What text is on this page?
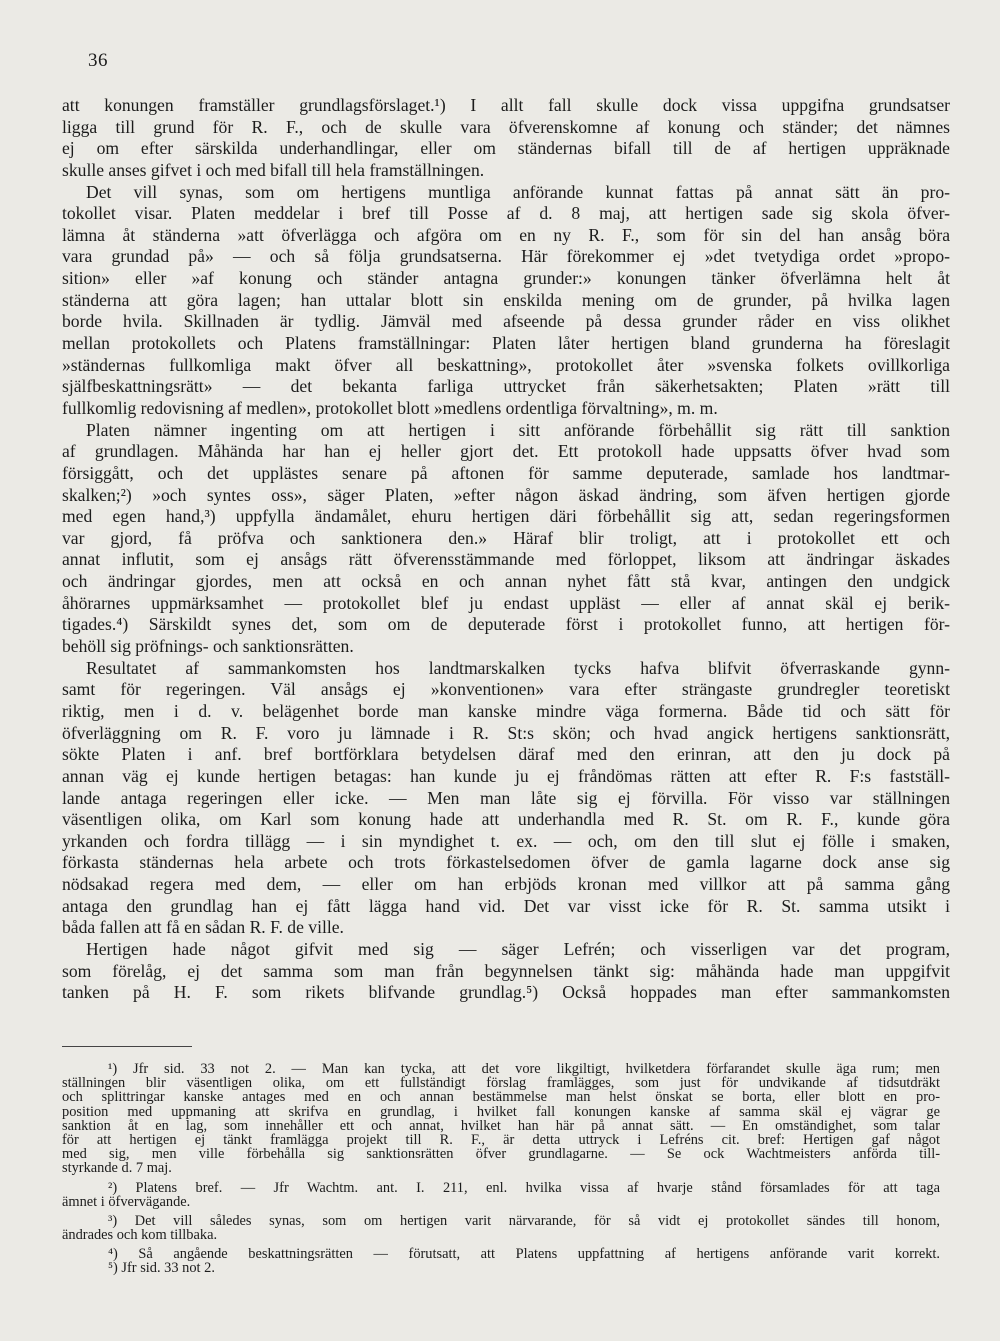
36
att konungen framställer grundlagsförslaget.¹) I allt fall skulle dock vissa uppgifna grundsatser
ligga till grund för R. F., och de skulle vara öfverenskomne af konung och ständer; det nämnes
ej om efter särskilda underhandlingar, eller om ständernas bifall till de af hertigen uppräknade
skulle anses gifvet i och med bifall till hela framställningen.
Det vill synas, som om hertigens muntliga anförande kunnat fattas på annat sätt än pro-
tokollet visar. Platen meddelar i bref till Posse af d. 8 maj, att hertigen sade sig skola öfver-
lämna åt ständerna »att öfverlägga och afgöra om en ny R. F., som för sin del han ansåg böra
vara grundad på» — och så följa grundsatserna. Här förekommer ej »det tvetydiga ordet »propo-
sition» eller »af konung och ständer antagna grunder:» konungen tänker öfverlämna helt åt
ständerna att göra lagen; han uttalar blott sin enskilda mening om de grunder, på hvilka lagen
borde hvila. Skillnaden är tydlig. Jämväl med afseende på dessa grunder råder en viss olikhet
mellan protokollets och Platens framställningar: Platen låter hertigen bland grunderna ha föreslagit
»ständernas fullkomliga makt öfver all beskattning», protokollet åter »svenska folkets ovillkorliga
själfbeskattningsrätt» — det bekanta farliga uttrycket från säkerhetsakten; Platen »rätt till
fullkomlig redovisning af medlen», protokollet blott »medlens ordentliga förvaltning», m. m.
Platen nämner ingenting om att hertigen i sitt anförande förbehållit sig rätt till sanktion
af grundlagen. Måhända har han ej heller gjort det. Ett protokoll hade uppsatts öfver hvad som
försiggått, och det upplästes senare på aftonen för samme deputerade, samlade hos landtmar-
skalken;²) »och syntes oss», säger Platen, »efter någon äskad ändring, som äfven hertigen gjorde
med egen hand,³) uppfylla ändamålet, ehuru hertigen däri förbehållit sig att, sedan regeringsformen
var gjord, få pröfva och sanktionera den.» Häraf blir troligt, att i protokollet ett och
annat influtit, som ej ansågs rätt öfverensstämmande med förloppet, liksom att ändringar äskades
och ändringar gjordes, men att också en och annan nyhet fått stå kvar, antingen den undgick
åhörarnes uppmärksamhet — protokollet blef ju endast uppläst — eller af annat skäl ej berik-
tigades.⁴) Särskildt synes det, som om de deputerade först i protokollet funno, att hertigen för-
behöll sig pröfnings- och sanktionsrätten.
Resultatet af sammankomsten hos landtmarskalken tycks hafva blifvit öfverraskande gynn-
samt för regeringen. Väl ansågs ej »konventionen» vara efter strängaste grundregler teoretiskt
riktig, men i d. v. belägenhet borde man kanske mindre väga formerna. Både tid och sätt för
öfverläggning om R. F. voro ju lämnade i R. St:s skön; och hvad angick hertigens sanktionsrätt,
sökte Platen i anf. bref bortförklara betydelsen däraf med den erinran, att den ju dock på
annan väg ej kunde hertigen betagas: han kunde ju ej fråndömas rätten att efter R. F:s fastställ-
lande antaga regeringen eller icke. — Men man låte sig ej förvilla. För visso var ställningen
väsentligen olika, om Karl som konung hade att underhandla med R. St. om R. F., kunde göra
yrkanden och fordra tillägg — i sin myndighet t. ex. — och, om den till slut ej fölle i smaken,
förkasta ständernas hela arbete och trots förkastelsedomen öfver de gamla lagarne dock anse sig
nödsakad regera med dem, — eller om han erbjöds kronan med villkor att på samma gång
antaga den grundlag han ej fått lägga hand vid. Det var visst icke för R. St. samma utsikt i
båda fallen att få en sådan R. F. de ville.
Hertigen hade något gifvit med sig — säger Lefrén; och visserligen var det program,
som förelåg, ej det samma som man från begynnelsen tänkt sig: måhända hade man uppgifvit
tanken på H. F. som rikets blifvande grundlag.⁵) Också hoppades man efter sammankomsten
¹) Jfr sid. 33 not 2. — Man kan tycka, att det vore likgiltigt, hvilketdera förfarandet skulle äga rum; men
ställningen blir väsentligen olika, om ett fullständigt förslag framlägges, som just för undvikande af tidsutdräkt
och splittringar kanske antages med en och annan bestämmelse man helst önskat se borta, eller blott en pro-
position med uppmaning att skrifva en grundlag, i hvilket fall konungen kanske af samma skäl ej vägrar ge
sanktion åt en lag, som innehåller ett och annat, hvilket han här på annat sätt. — En omständighet, som talar
för att hertigen ej tänkt framlägga projekt till R. F., är detta uttryck i Lefréns cit. bref: Hertigen gaf något
med sig, men ville förbehålla sig sanktionsrätten öfver grundlagarne. — Se ock Wachtmeisters anförda till-
styrkande d. 7 maj.
²) Platens bref. — Jfr Wachtm. ant. I. 211, enl. hvilka vissa af hvarje stånd församlades för att taga
ämnet i öfvervägande.
³) Det vill således synas, som om hertigen varit närvarande, för så vidt ej protokollet sändes till honom,
ändrades och kom tillbaka.
⁴) Så angående beskattningsrätten — förutsatt, att Platens uppfattning af hertigens anförande varit korrekt.
⁵) Jfr sid. 33 not 2.
